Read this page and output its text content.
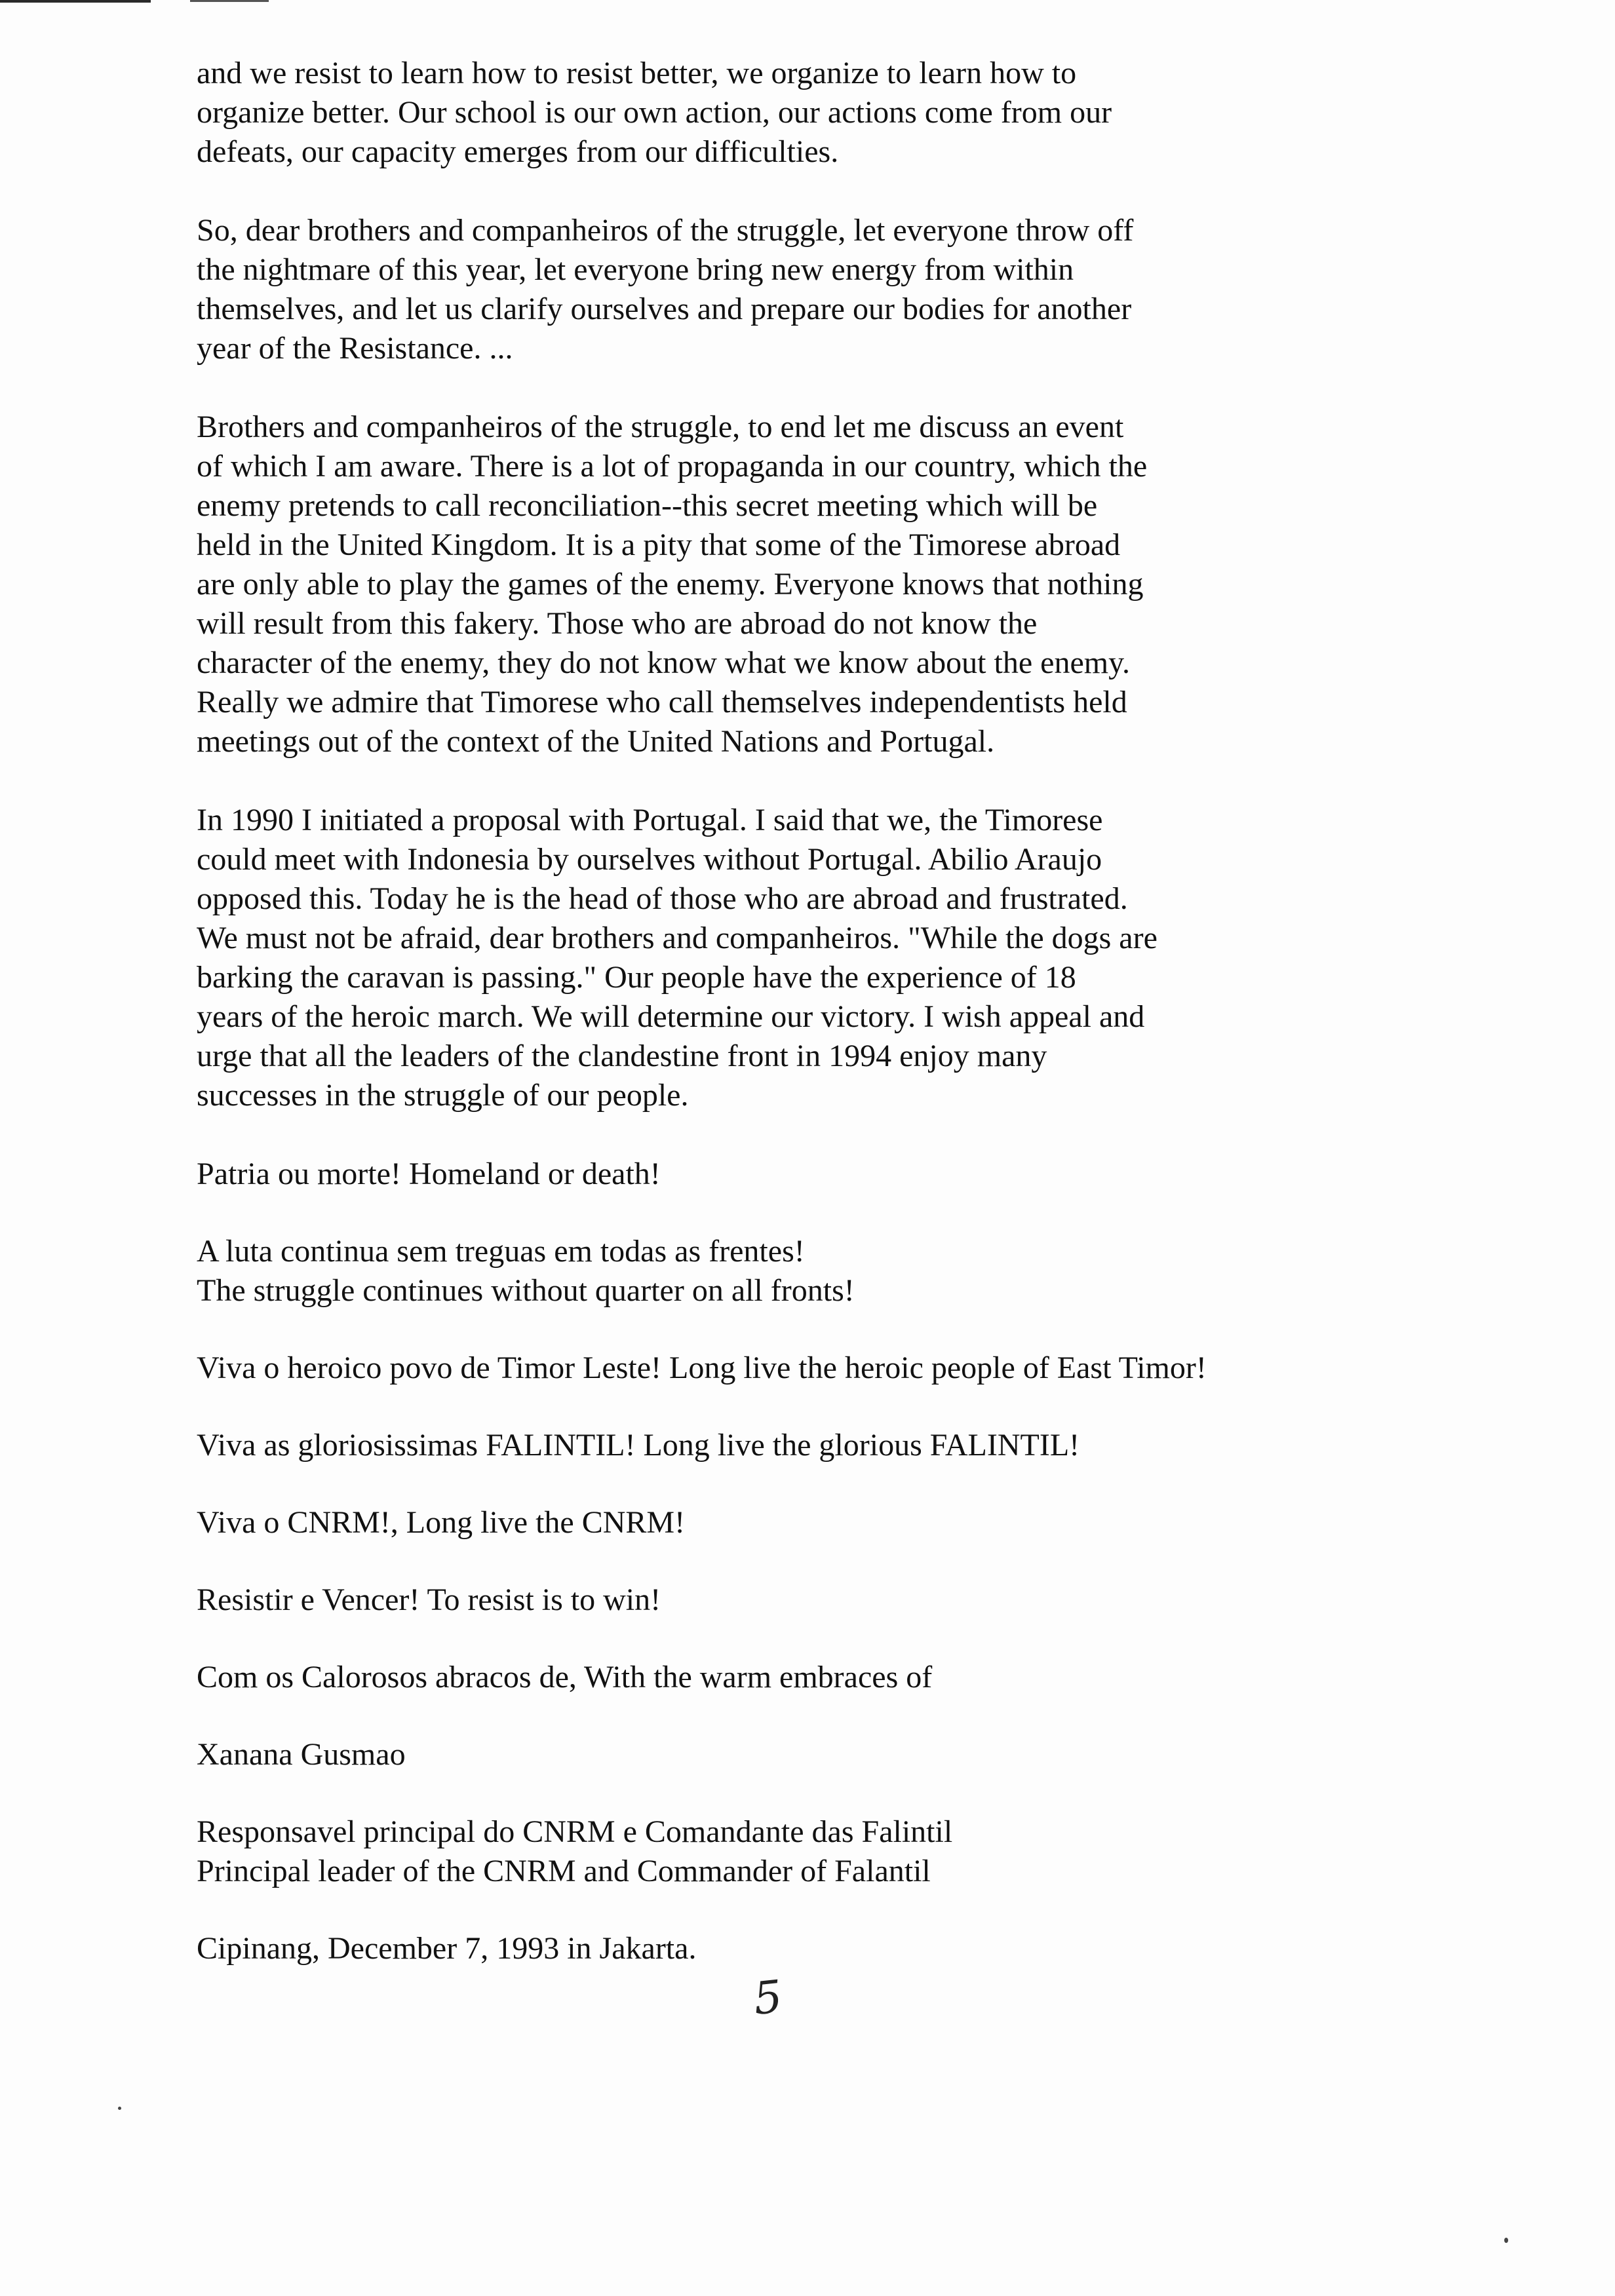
and we resist to learn how to resist better, we organize to learn how to
organize better. Our school is our own action, our actions come from our
defeats, our capacity emerges from our difficulties.

So, dear brothers and companheiros of the struggle, let everyone throw off
the nightmare of this year, let everyone bring new energy from within
themselves, and let us clarify ourselves and prepare our bodies for another
year of the Resistance. ...

Brothers and companheiros of the struggle, to end let me discuss an event
of which I am aware. There is a lot of propaganda in our country, which the
enemy pretends to call reconciliation--this secret meeting which will be
held in the United Kingdom. It is a pity that some of the Timorese abroad
are only able to play the games of the enemy. Everyone knows that nothing
will result from this fakery. Those who are abroad do not know the
character of the enemy, they do not know what we know about the enemy.
Really we admire that Timorese who call themselves independentists held
meetings out of the context of the United Nations and Portugal.

In 1990 I initiated a proposal with Portugal. I said that we, the Timorese
could meet with Indonesia by ourselves without Portugal. Abilio Araujo
opposed this. Today he is the head of those who are abroad and frustrated.
We must not be afraid, dear brothers and companheiros. "While the dogs are
barking the caravan is passing." Our people have the experience of 18
years of the heroic march. We will determine our victory. I wish appeal and
urge that all the leaders of the clandestine front in 1994 enjoy many
successes in the struggle of our people.

Patria ou morte! Homeland or death!

A luta continua sem treguas em todas as frentes!
The struggle continues without quarter on all fronts!

Viva o heroico povo de Timor Leste! Long live the heroic people of East Timor!

Viva as gloriosissimas FALINTIL! Long live the glorious FALINTIL!

Viva o CNRM!, Long live the CNRM!

Resistir e Vencer! To resist is to win!

Com os Calorosos abracos de, With the warm embraces of

Xanana Gusmao

Responsavel principal do CNRM e Comandante das Falintil
Principal leader of the CNRM and Commander of Falantil

Cipinang, December 7, 1993 in Jakarta.

5
